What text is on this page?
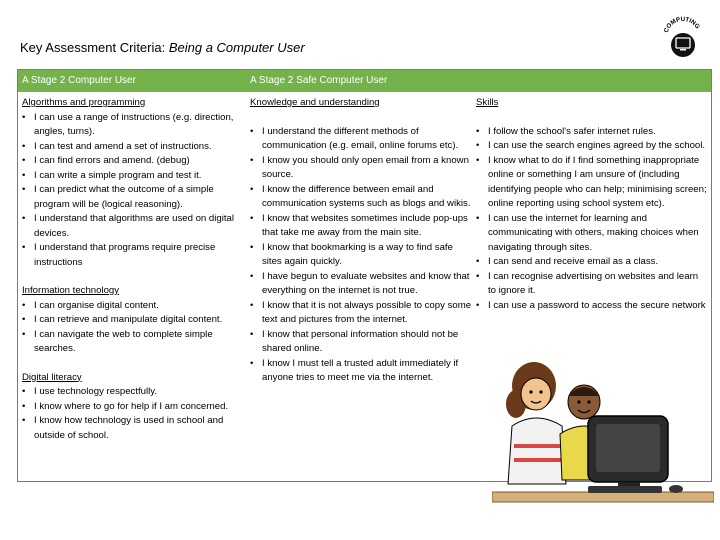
Key Assessment Criteria: Being a Computer User
COMPUTING
A Stage 2 Computer User	A Stage 2 Safe Computer User
Algorithms and programming
• I can use a range of instructions (e.g. direction, angles, turns).
• I can test and amend a set of instructions.
• I can find errors and amend. (debug)
• I can write a simple program and test it.
• I can predict what the outcome of a simple program will be (logical reasoning).
• I understand that algorithms are used on digital devices.
• I understand that programs require precise instructions
Information technology
• I can organise digital content.
• I can retrieve and manipulate digital content.
• I can navigate the web to complete simple searches.
Digital literacy
• I use technology respectfully.
• I know where to go for help if I am concerned.
• I know how technology is used in school and outside of school.
Knowledge and understanding
• I understand the different methods of communication (e.g. email, online forums etc).
• I know you should only open email from a known source.
• I know the difference between email and communication systems such as blogs and wikis.
• I know that websites sometimes include pop-ups that take me away from the main site.
• I know that bookmarking is a way to find safe sites again quickly.
• I have begun to evaluate websites and know that everything on the internet is not true.
• I know that it is not always possible to copy some text and pictures from the internet.
• I know that personal information should not be shared online.
• I know I must tell a trusted adult immediately if anyone tries to meet me via the internet.
Skills
• I follow the school's safer internet rules.
• I can use the search engines agreed by the school.
• I know what to do if I find something inappropriate online or something I am unsure of (including identifying people who can help; minimising screen; online reporting using school system etc).
• I can use the internet for learning and communicating with others, making choices when navigating through sites.
• I can send and receive email as a class.
• I can recognise advertising on websites and learn to ignore it.
• I can use a password to access the secure network
